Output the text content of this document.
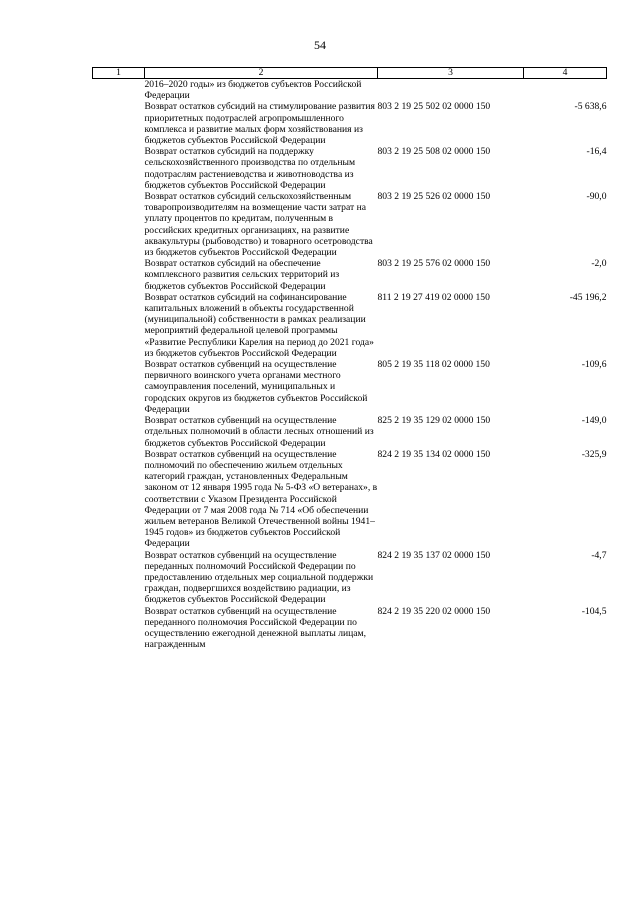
54
1	2	3	4
	2016–2020 годы» из бюджетов субъектов Российской Федерации		
	Возврат остатков субсидий на стимулирование развития приоритетных подотраслей агропромышленного комплекса и развитие малых форм хозяйствования из бюджетов субъектов Российской Федерации	803 2 19 25 502 02 0000 150	-5 638,6
	Возврат остатков субсидий на поддержку сельскохозяйственного производства по отдельным подотраслям растениеводства и животноводства из бюджетов субъектов Российской Федерации	803 2 19 25 508 02 0000 150	-16,4
	Возврат остатков субсидий сельскохозяйственным товаропроизводителям на возмещение части затрат на уплату процентов по кредитам, полученным в российских кредитных организациях, на развитие аквакультуры (рыбоводство) и товарного осетроводства из бюджетов субъектов Российской Федерации	803 2 19 25 526 02 0000 150	-90,0
	Возврат остатков субсидий на обеспечение комплексного развития сельских территорий из бюджетов субъектов Российской Федерации	803 2 19 25 576 02 0000 150	-2,0
	Возврат остатков субсидий на софинансирование капитальных вложений в объекты государственной (муниципальной) собственности в рамках реализации мероприятий федеральной целевой программы «Развитие Республики Карелия на период до 2021 года» из бюджетов субъектов Российской Федерации	811 2 19 27 419 02 0000 150	-45 196,2
	Возврат остатков субвенций на осуществление первичного воинского учета органами местного самоуправления поселений, муниципальных и городских округов из бюджетов субъектов Российской Федерации	805 2 19 35 118 02 0000 150	-109,6
	Возврат остатков субвенций на осуществление отдельных полномочий в области лесных отношений из бюджетов субъектов Российской Федерации	825 2 19 35 129 02 0000 150	-149,0
	Возврат остатков субвенций на осуществление полномочий по обеспечению жильем отдельных категорий граждан, установленных Федеральным законом от 12 января 1995 года № 5-ФЗ «О ветеранах», в соответствии с Указом Президента Российской Федерации от 7 мая 2008 года № 714 «Об обеспечении жильем ветеранов Великой Отечественной войны 1941–1945 годов» из бюджетов субъектов Российской Федерации	824 2 19 35 134 02 0000 150	-325,9
	Возврат остатков субвенций на осуществление переданных полномочий Российской Федерации по предоставлению отдельных мер социальной поддержки граждан, подвергшихся воздействию радиации, из бюджетов субъектов Российской Федерации	824 2 19 35 137 02 0000 150	-4,7
	Возврат остатков субвенций на осуществление переданного полномочия Российской Федерации по осуществлению ежегодной денежной выплаты лицам, награжденным	824 2 19 35 220 02 0000 150	-104,5
